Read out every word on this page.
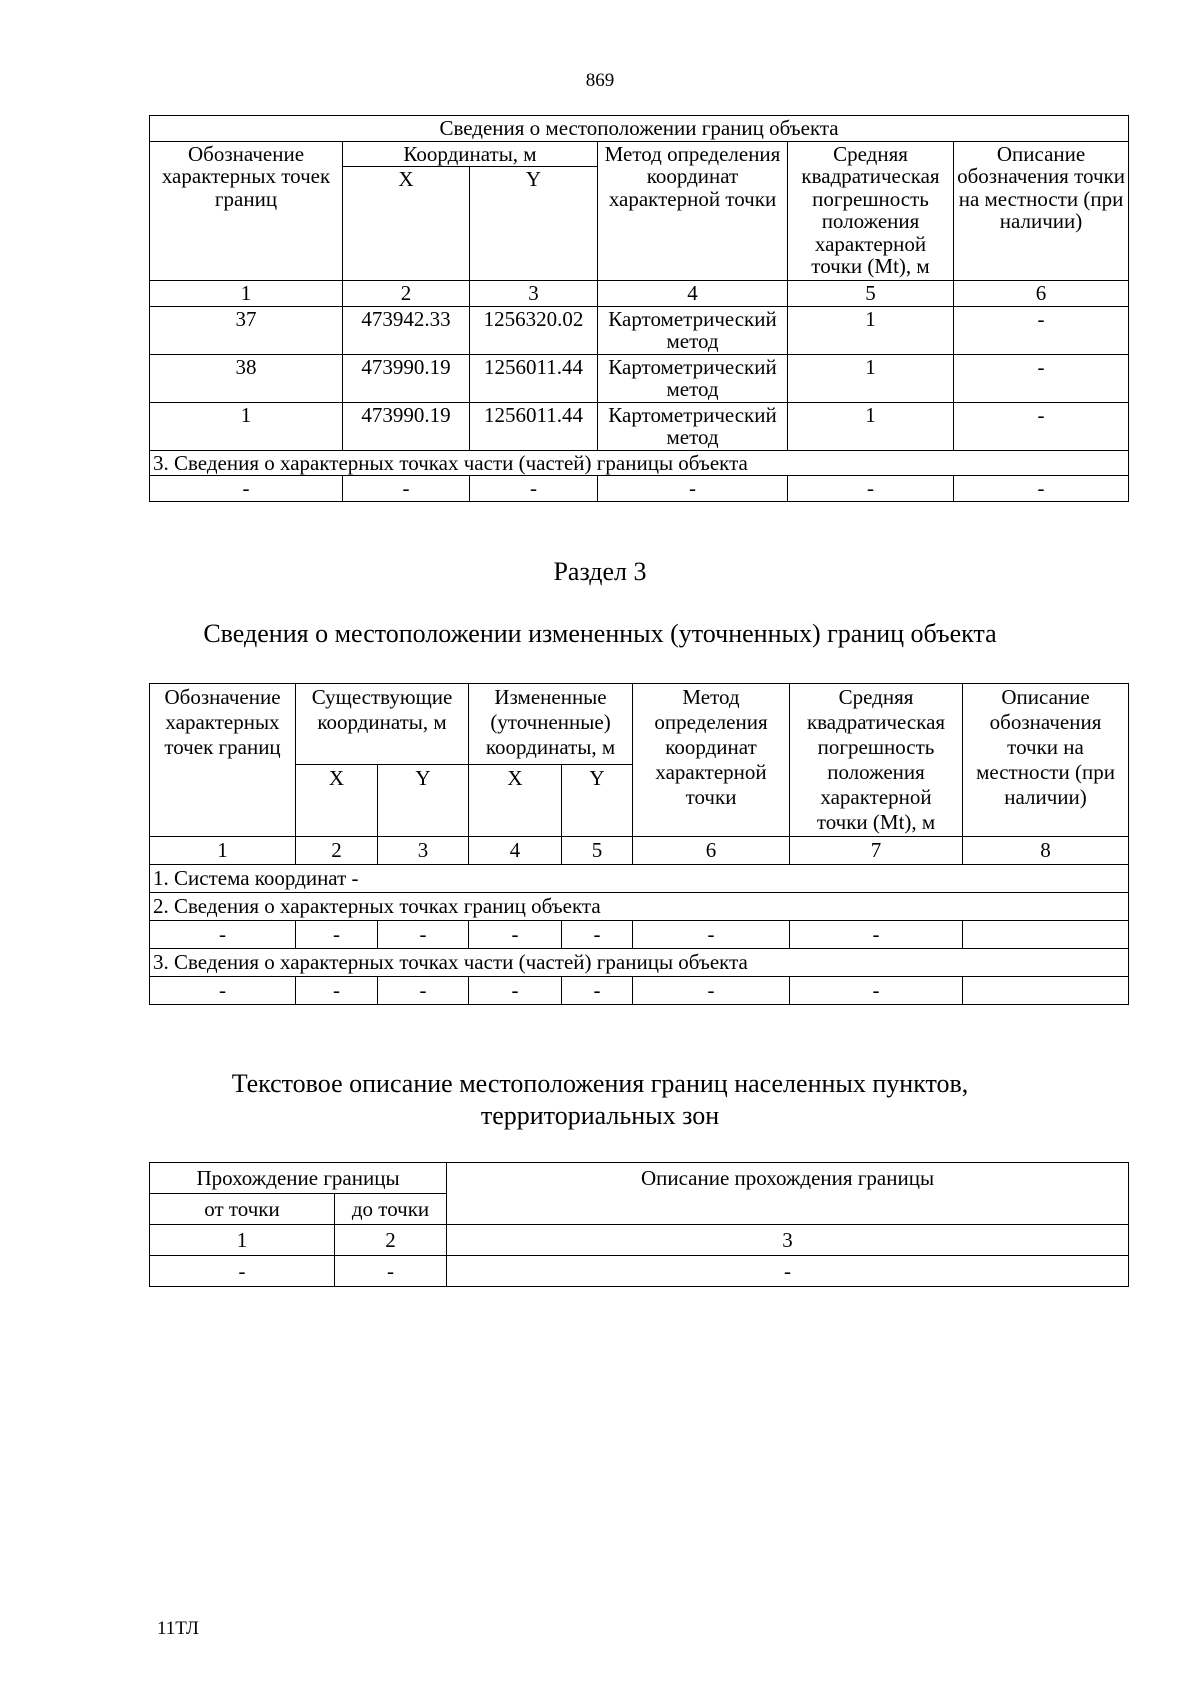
869
Сведения о местоположении границ объекта					
Обозначение характерных точек границ	Координаты, м		Метод определения координат характерной точки	Средняя квадратическая погрешность положения характерной точки (Mt), м	Описание обозначения точки на местности (при наличии)
	X	Y			
1	2	3	4	5	6
37	473942.33	1256320.02	Картометрический метод	1	-
38	473990.19	1256011.44	Картометрический метод	1	-
1	473990.19	1256011.44	Картометрический метод	1	-
3. Сведения о характерных точках части (частей) границы объекта					
-	-	-	-	-	-
Раздел 3
Сведения о местоположении измененных (уточненных) границ объекта
Обозначение характерных точек границ	Существующие координаты, м		Измененные (уточненные) координаты, м		Метод определения координат характерной точки	Средняя квадратическая погрешность положения характерной точки (Mt), м	Описание обозначения точки на местности (при наличии)
	X	Y	X	Y			
1	2	3	4	5	6	7	8
1. Система координат -							
2. Сведения о характерных точках границ объекта							
-	-	-	-	-	-	-	
3. Сведения о характерных точках части (частей) границы объекта							
-	-	-	-	-	-	-	
Текстовое описание местоположения границ населенных пунктов,
территориальных зон
Прохождение границы		Описание прохождения границы
от точки	до точки	
1	2	3
-	-	-
11ТЛ
